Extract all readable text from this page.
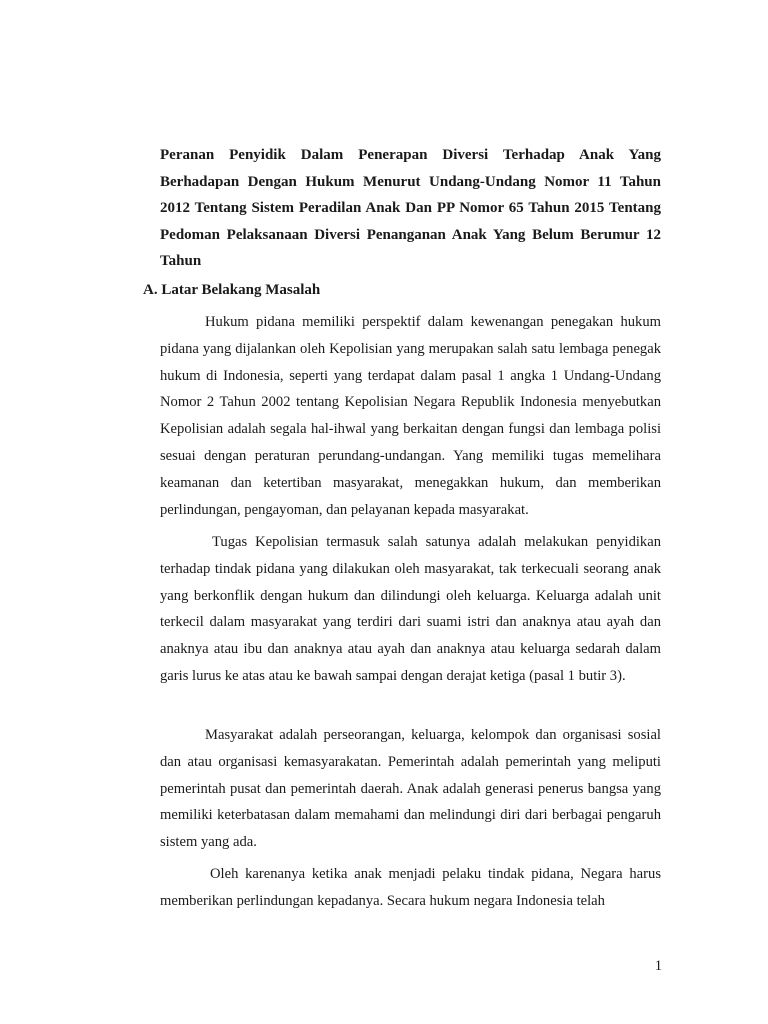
Peranan Penyidik Dalam Penerapan Diversi Terhadap Anak Yang Berhadapan Dengan Hukum Menurut Undang-Undang Nomor 11 Tahun 2012 Tentang Sistem Peradilan Anak Dan PP Nomor 65 Tahun 2015 Tentang Pedoman Pelaksanaan Diversi Penanganan Anak Yang Belum Berumur 12 Tahun
A. Latar Belakang Masalah

Hukum pidana memiliki perspektif dalam kewenangan penegakan hukum pidana yang dijalankan oleh Kepolisian yang merupakan salah satu lembaga penegak hukum di Indonesia, seperti yang terdapat dalam pasal 1 angka 1 Undang-Undang Nomor 2 Tahun 2002 tentang Kepolisian Negara Republik Indonesia menyebutkan Kepolisian adalah segala hal-ihwal yang berkaitan dengan fungsi dan lembaga polisi sesuai dengan peraturan perundang-undangan. Yang memiliki tugas memelihara keamanan dan ketertiban masyarakat, menegakkan hukum, dan memberikan perlindungan, pengayoman, dan pelayanan kepada masyarakat.

Tugas Kepolisian termasuk salah satunya adalah melakukan penyidikan terhadap tindak pidana yang dilakukan oleh masyarakat, tak terkecuali seorang anak yang berkonflik dengan hukum dan dilindungi oleh keluarga. Keluarga adalah unit terkecil dalam masyarakat yang terdiri dari suami istri dan anaknya atau ayah dan anaknya atau ibu dan anaknya atau ayah dan anaknya atau keluarga sedarah dalam garis lurus ke atas atau ke bawah sampai dengan derajat ketiga (pasal 1 butir 3).

Masyarakat adalah perseorangan, keluarga, kelompok dan organisasi sosial dan atau organisasi kemasyarakatan. Pemerintah adalah pemerintah yang meliputi pemerintah pusat dan pemerintah daerah. Anak adalah generasi penerus bangsa yang memiliki keterbatasan dalam memahami dan melindungi diri dari berbagai pengaruh sistem yang ada.

Oleh karenanya ketika anak menjadi pelaku tindak pidana, Negara harus memberikan perlindungan kepadanya. Secara hukum negara Indonesia telah

1
